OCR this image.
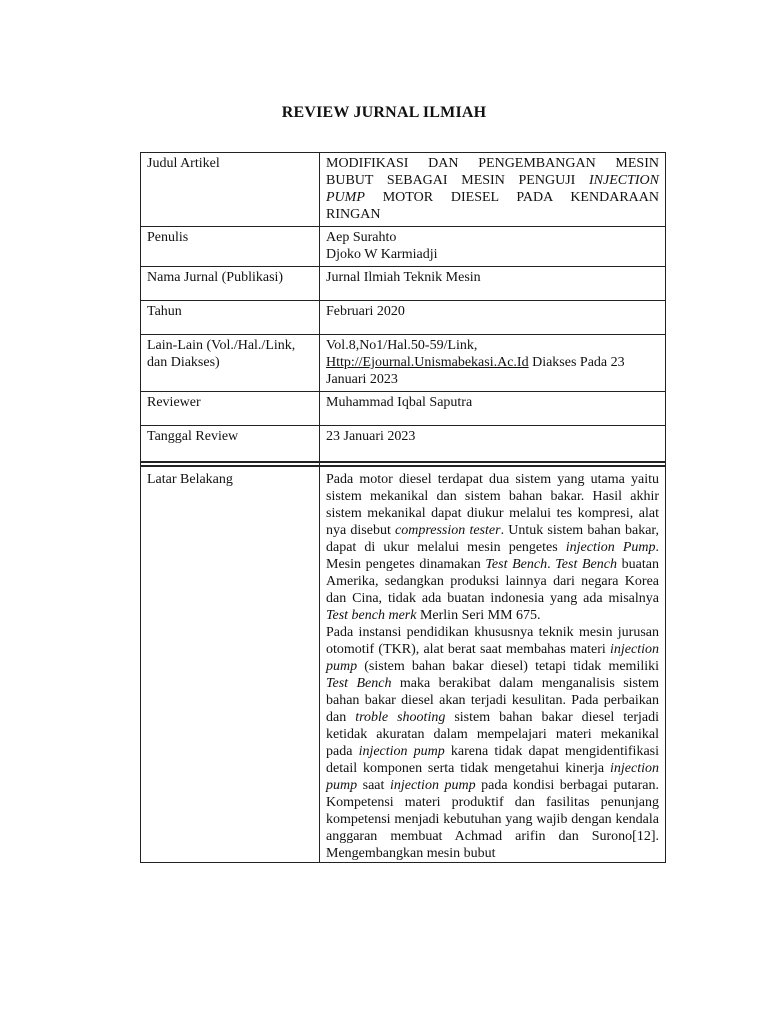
REVIEW JURNAL ILMIAH
Judul Artikel	MODIFIKASI DAN PENGEMBANGAN MESIN BUBUT SEBAGAI MESIN PENGUJI INJECTION PUMP MOTOR DIESEL PADA KENDARAAN RINGAN
Penulis	Aep Surahto
Djoko W Karmiadji

Nama Jurnal (Publikasi)	Jurnal Ilmiah Teknik Mesin
Tahun	Februari 2020
Lain-Lain (Vol./Hal./Link, dan Diakses)	Vol.8,No1/Hal.50-59/Link,
Http://Ejournal.Unismabekasi.Ac.Id Diakses Pada 23 Januari 2023
Reviewer	Muhammad Iqbal Saputra
Tanggal Review	23 Januari 2023

Latar Belakang	Pada motor diesel terdapat dua sistem yang utama yaitu sistem mekanikal dan sistem bahan bakar. Hasil akhir sistem mekanikal dapat diukur melalui tes kompresi, alat nya disebut compression tester. Untuk sistem bahan bakar, dapat di ukur melalui mesin pengetes injection Pump. Mesin pengetes dinamakan Test Bench. Test Bench buatan Amerika, sedangkan produksi lainnya dari negara Korea dan Cina, tidak ada buatan indonesia yang ada misalnya Test bench merk Merlin Seri MM 675.
Pada instansi pendidikan khususnya teknik mesin jurusan otomotif (TKR), alat berat saat membahas materi injection pump (sistem bahan bakar diesel) tetapi tidak memiliki Test Bench maka berakibat dalam menganalisis sistem bahan bakar diesel akan terjadi kesulitan. Pada perbaikan dan troble shooting sistem bahan bakar diesel terjadi ketidak akuratan dalam mempelajari materi mekanikal pada injection pump karena tidak dapat mengidentifikasi detail komponen serta tidak mengetahui kinerja injection pump saat injection pump pada kondisi berbagai putaran. Kompetensi materi produktif dan fasilitas penunjang kompetensi menjadi kebutuhan yang wajib dengan kendala anggaran membuat Achmad arifin dan Surono[12]. Mengembangkan mesin bubut
